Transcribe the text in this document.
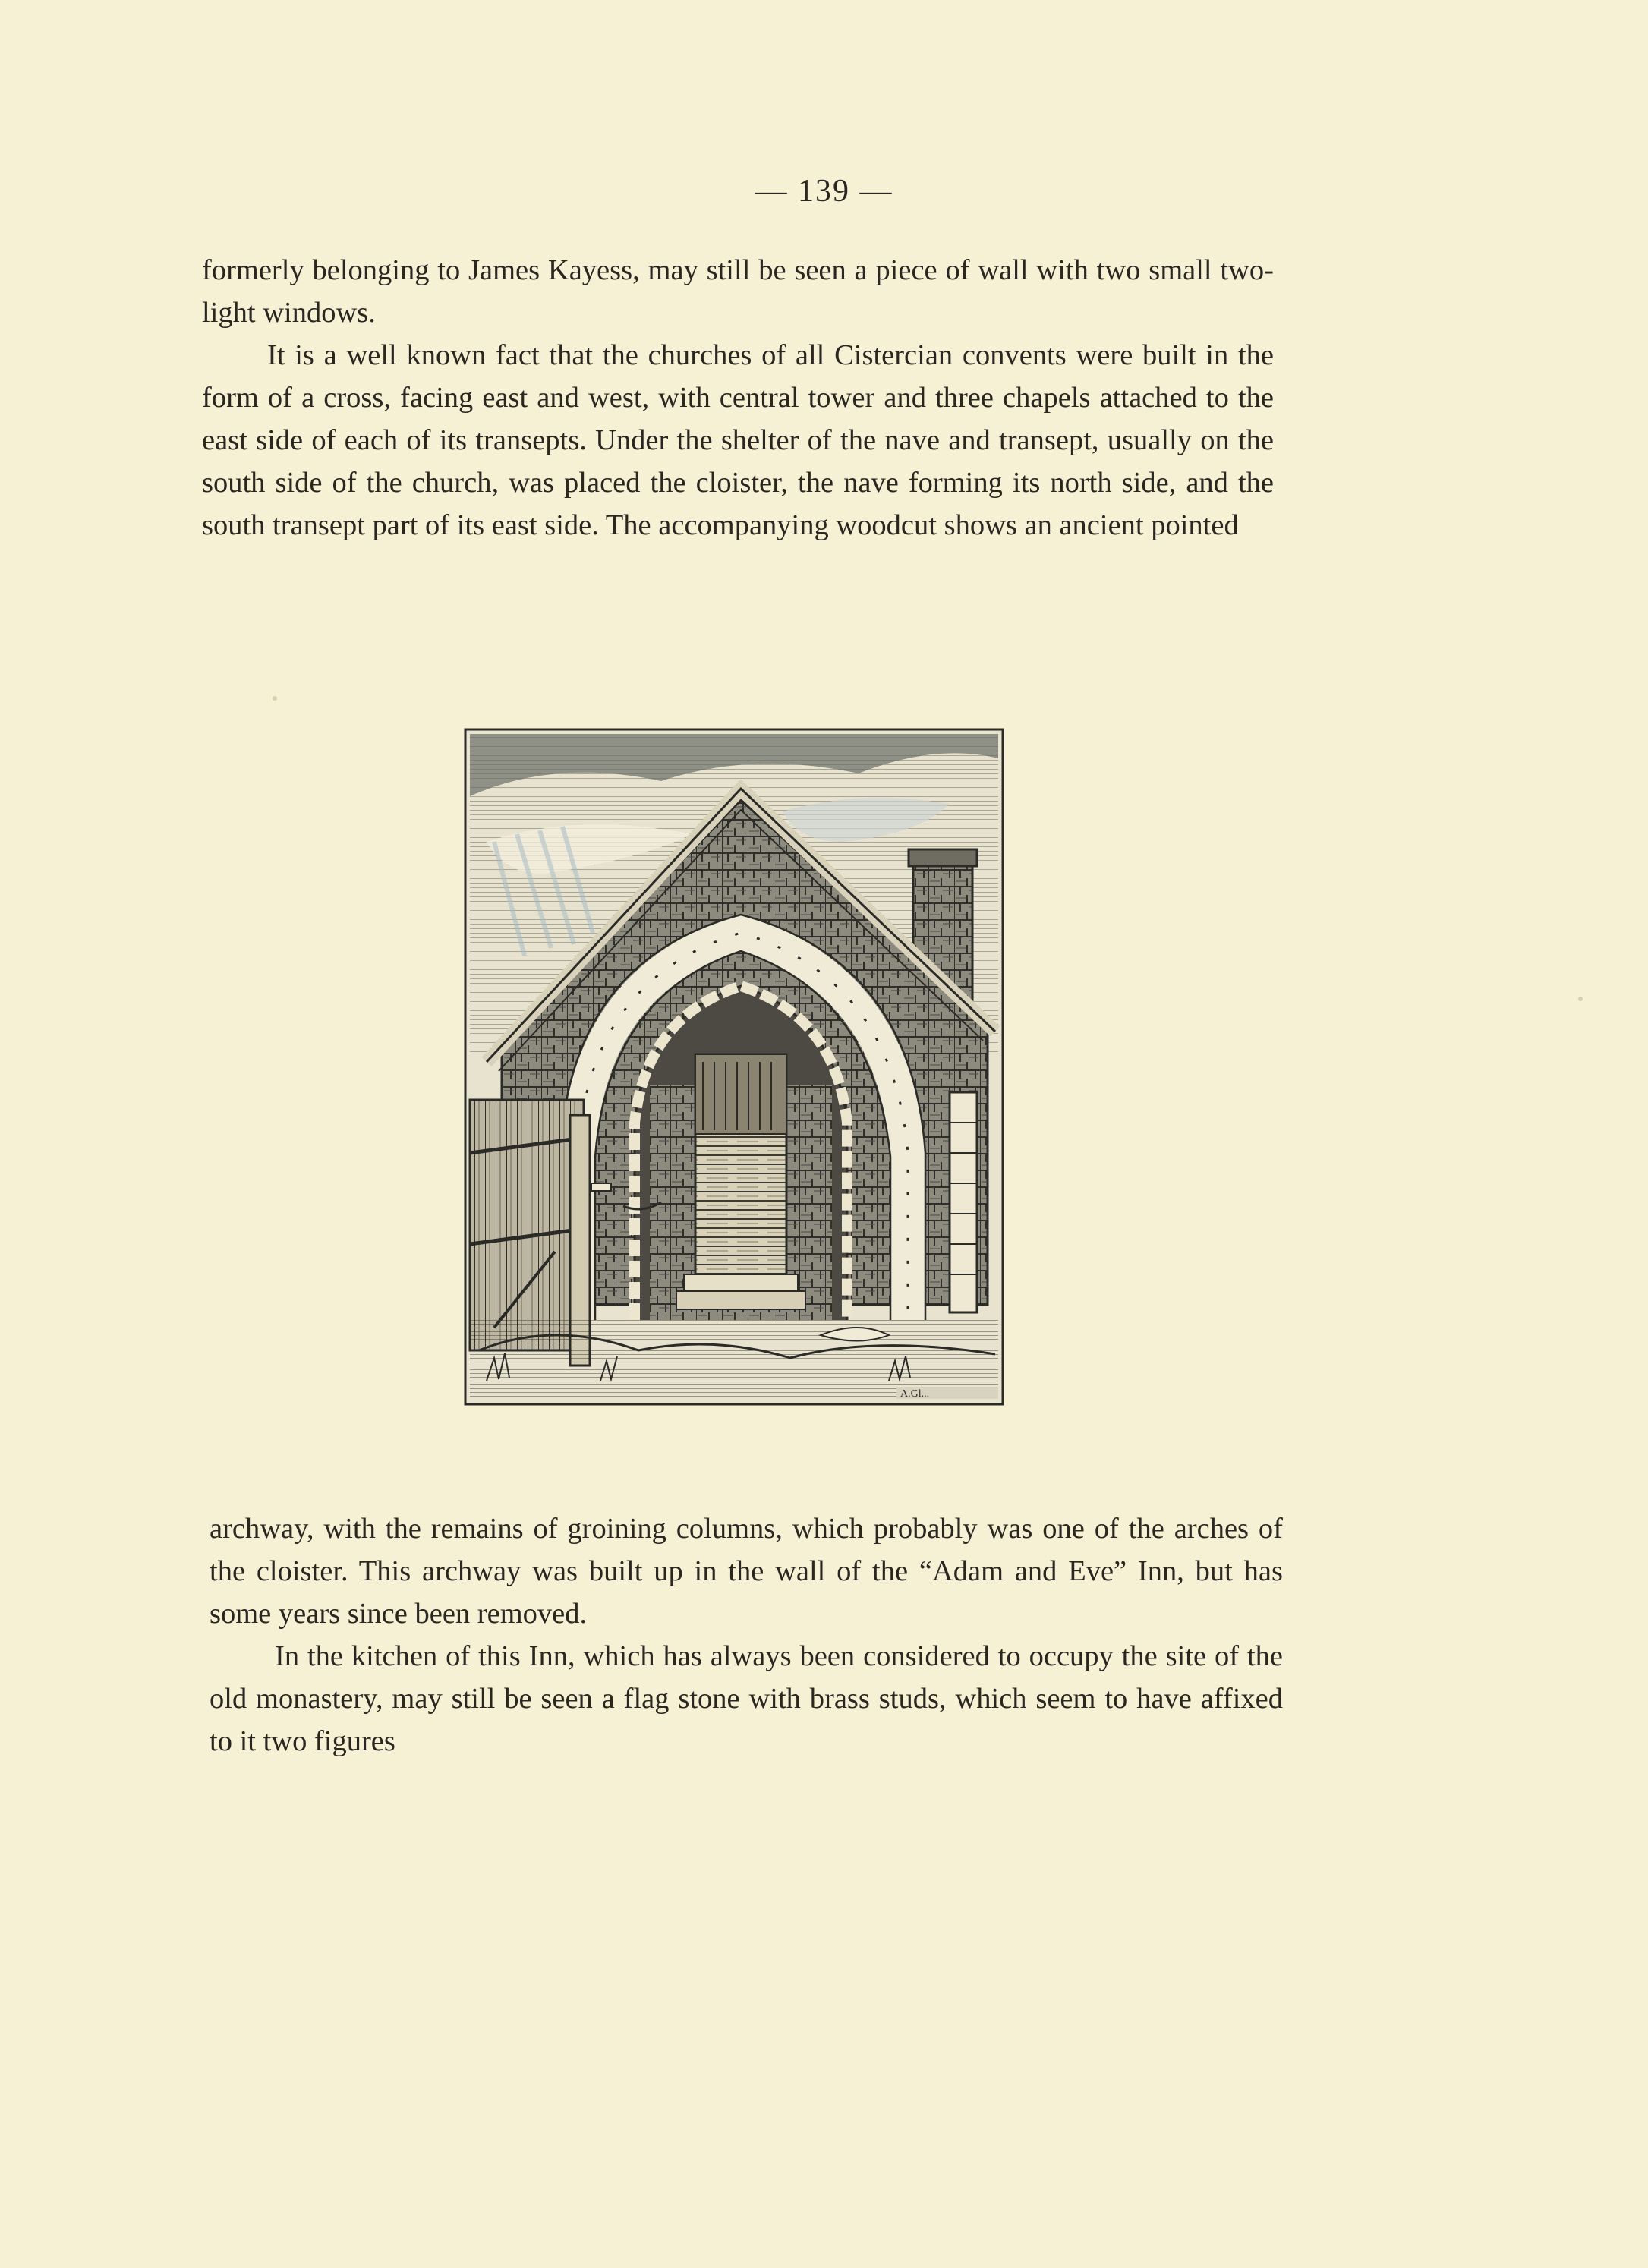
— 139 —

formerly belonging to James Kayess, may still be seen a piece of wall with two small two-light windows.

It is a well known fact that the churches of all Cistercian convents were built in the form of a cross, facing east and west, with central tower and three chapels attached to the east side of each of its transepts. Under the shelter of the nave and transept, usually on the south side of the church, was placed the cloister, the nave forming its north side, and the south transept part of its east side. The accompanying woodcut shows an ancient pointed

A.Gl...

archway, with the remains of groining columns, which probably was one of the arches of the cloister. This archway was built up in the wall of the “Adam and Eve” Inn, but has some years since been removed.

In the kitchen of this Inn, which has always been considered to occupy the site of the old monastery, may still be seen a flag stone with brass studs, which seem to have affixed to it two figures
